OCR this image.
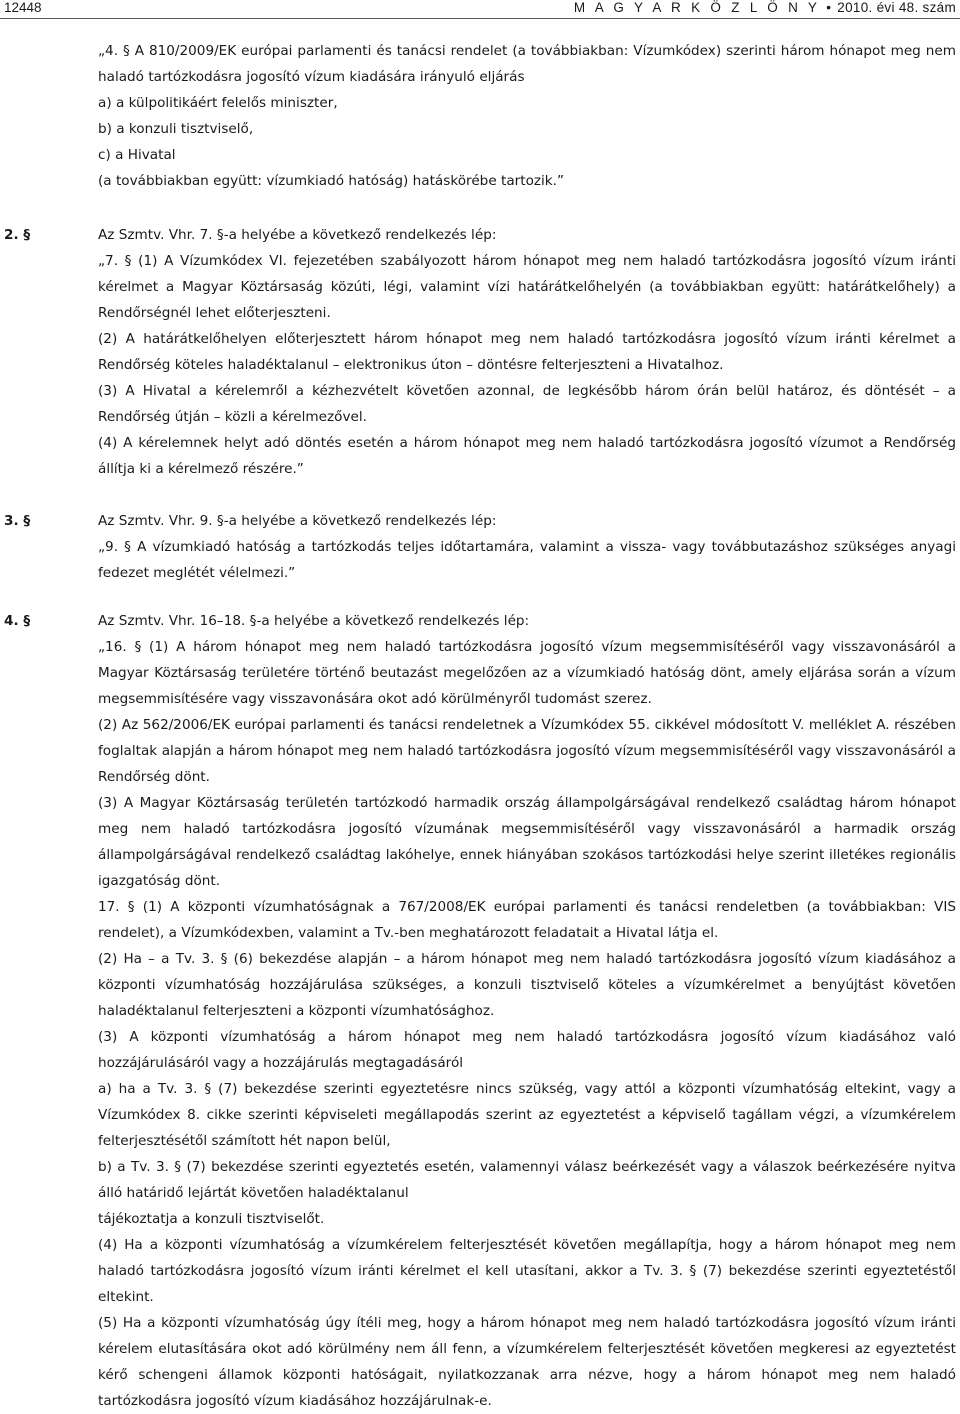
12448	M A G Y A R K Ö Z L Ö N Y • 2010. évi 48. szám

„4. § A 810/2009/EK európai parlamenti és tanácsi rendelet (a továbbiakban: Vízumkódex) szerinti három hónapot meg nem haladó tartózkodásra jogosító vízum kiadására irányuló eljárás

a) a külpolitikáért felelős miniszter,

b) a konzuli tisztviselő,

c) a Hivatal

(a továbbiakban együtt: vízumkiadó hatóság) hatáskörébe tartozik.”

2. §	Az Szmtv. Vhr. 7. §-a helyébe a következő rendelkezés lép:

„7. § (1) A Vízumkódex VI. fejezetében szabályozott három hónapot meg nem haladó tartózkodásra jogosító vízum iránti kérelmet a Magyar Köztársaság közúti, légi, valamint vízi határátkelőhelyén (a továbbiakban együtt: határátkelőhely) a Rendőrségnél lehet előterjeszteni.

(2) A határátkelőhelyen előterjesztett három hónapot meg nem haladó tartózkodásra jogosító vízum iránti kérelmet a Rendőrség köteles haladéktalanul – elektronikus úton – döntésre felterjeszteni a Hivatalhoz.

(3) A Hivatal a kérelemről a kézhezvételt követően azonnal, de legkésőbb három órán belül határoz, és döntését – a Rendőrség útján – közli a kérelmezővel.

(4) A kérelemnek helyt adó döntés esetén a három hónapot meg nem haladó tartózkodásra jogosító vízumot a Rendőrség állítja ki a kérelmező részére.”

3. §	Az Szmtv. Vhr. 9. §-a helyébe a következő rendelkezés lép:

„9. § A vízumkiadó hatóság a tartózkodás teljes időtartamára, valamint a vissza- vagy továbbutazáshoz szükséges anyagi fedezet meglétét vélelmezi.”

4. §	Az Szmtv. Vhr. 16–18. §-a helyébe a következő rendelkezés lép:

„16. § (1) A három hónapot meg nem haladó tartózkodásra jogosító vízum megsemmisítéséről vagy visszavonásáról a Magyar Köztársaság területére történő beutazást megelőzően az a vízumkiadó hatóság dönt, amely eljárása során a vízum megsemmisítésére vagy visszavonására okot adó körülményről tudomást szerez.

(2) Az 562/2006/EK európai parlamenti és tanácsi rendeletnek a Vízumkódex 55. cikkével módosított V. melléklet A. részében foglaltak alapján a három hónapot meg nem haladó tartózkodásra jogosító vízum megsemmisítéséről vagy visszavonásáról a Rendőrség dönt.

(3) A Magyar Köztársaság területén tartózkodó harmadik ország állampolgárságával rendelkező családtag három hónapot meg nem haladó tartózkodásra jogosító vízumának megsemmisítéséről vagy visszavonásáról a harmadik ország állampolgárságával rendelkező családtag lakóhelye, ennek hiányában szokásos tartózkodási helye szerint illetékes regionális igazgatóság dönt.

17. § (1) A központi vízumhatóságnak a 767/2008/EK európai parlamenti és tanácsi rendeletben (a továbbiakban: VIS rendelet), a Vízumkódexben, valamint a Tv.-ben meghatározott feladatait a Hivatal látja el.

(2) Ha – a Tv. 3. § (6) bekezdése alapján – a három hónapot meg nem haladó tartózkodásra jogosító vízum kiadásához a központi vízumhatóság hozzájárulása szükséges, a konzuli tisztviselő köteles a vízumkérelmet a benyújtást követően haladéktalanul felterjeszteni a központi vízumhatósághoz.

(3) A központi vízumhatóság a három hónapot meg nem haladó tartózkodásra jogosító vízum kiadásához való hozzájárulásáról vagy a hozzájárulás megtagadásáról

a) ha a Tv. 3. § (7) bekezdése szerinti egyeztetésre nincs szükség, vagy attól a központi vízumhatóság eltekint, vagy a Vízumkódex 8. cikke szerinti képviseleti megállapodás szerint az egyeztetést a képviselő tagállam végzi, a vízumkérelem felterjesztésétől számított hét napon belül,

b) a Tv. 3. § (7) bekezdése szerinti egyeztetés esetén, valamennyi válasz beérkezését vagy a válaszok beérkezésére nyitva álló határidő lejártát követően haladéktalanul

tájékoztatja a konzuli tisztviselőt.

(4) Ha a központi vízumhatóság a vízumkérelem felterjesztését követően megállapítja, hogy a három hónapot meg nem haladó tartózkodásra jogosító vízum iránti kérelmet el kell utasítani, akkor a Tv. 3. § (7) bekezdése szerinti egyeztetéstől eltekint.

(5) Ha a központi vízumhatóság úgy ítéli meg, hogy a három hónapot meg nem haladó tartózkodásra jogosító vízum iránti kérelem elutasítására okot adó körülmény nem áll fenn, a vízumkérelem felterjesztését követően megkeresi az egyeztetést kérő schengeni államok központi hatóságait, nyilatkozzanak arra nézve, hogy a három hónapot meg nem haladó tartózkodásra jogosító vízum kiadásához hozzájárulnak-e.
